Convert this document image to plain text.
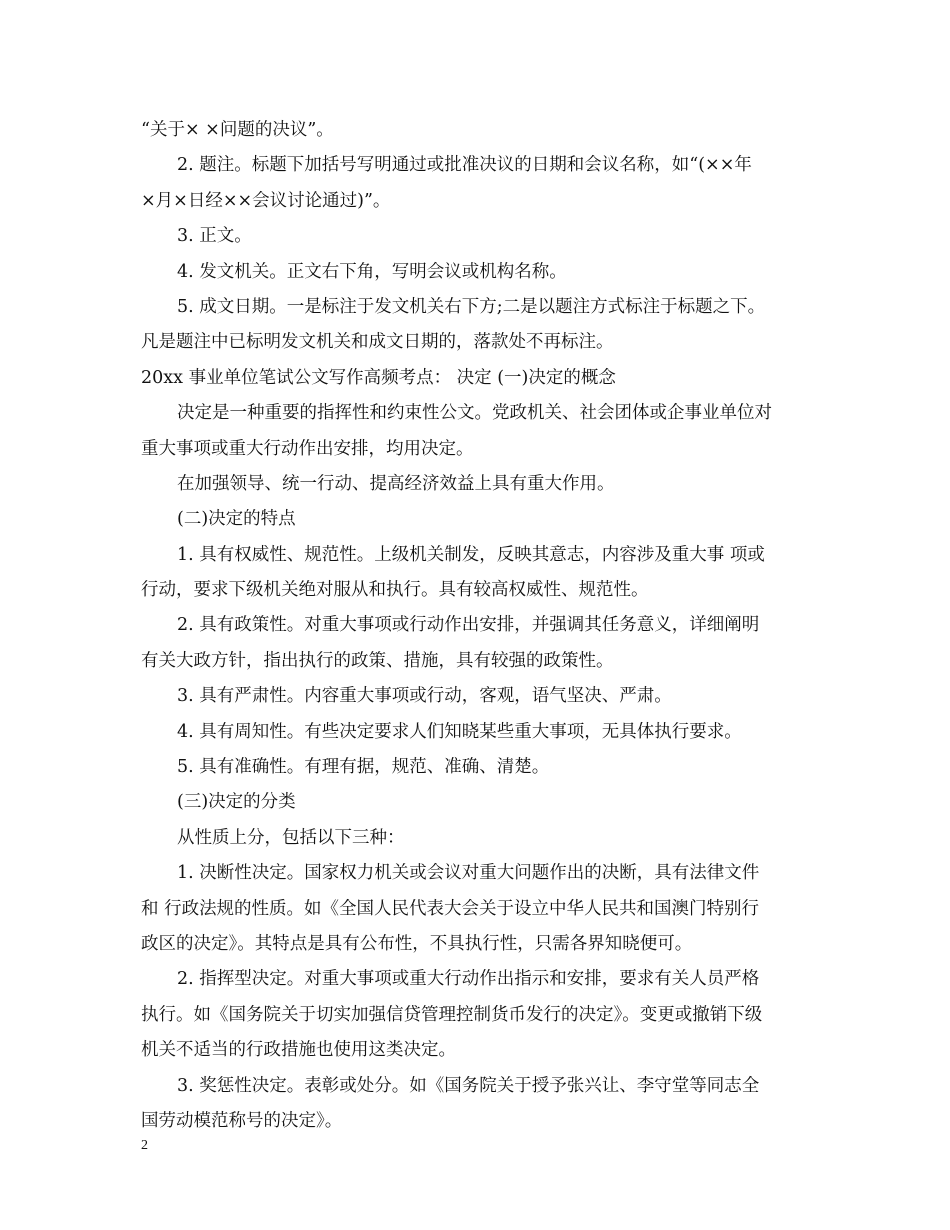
“关于× ×问题的决议”。
2. 题注。标题下加括号写明通过或批准决议的日期和会议名称，如“(××年
×月×日经××会议讨论通过)”。
3. 正文。
4. 发文机关。正文右下角，写明会议或机构名称。
5. 成文日期。一是标注于发文机关右下方;二是以题注方式标注于标题之下。
凡是题注中已标明发文机关和成文日期的，落款处不再标注。
20xx 事业单位笔试公文写作高频考点： 决定 (一)决定的概念
决定是一种重要的指挥性和约束性公文。党政机关、社会团体或企事业单位对
重大事项或重大行动作出安排，均用决定。
在加强领导、统一行动、提高经济效益上具有重大作用。
(二)决定的特点
1. 具有权威性、规范性。上级机关制发，反映其意志，内容涉及重大事 项或
行动，要求下级机关绝对服从和执行。具有较高权威性、规范性。
2. 具有政策性。对重大事项或行动作出安排，并强调其任务意义，详细阐明
有关大政方针，指出执行的政策、措施，具有较强的政策性。
3. 具有严肃性。内容重大事项或行动，客观，语气坚决、严肃。
4. 具有周知性。有些决定要求人们知晓某些重大事项，无具体执行要求。
5. 具有准确性。有理有据，规范、准确、清楚。
(三)决定的分类
从性质上分，包括以下三种：
1. 决断性决定。国家权力机关或会议对重大问题作出的决断，具有法律文件
和 行政法规的性质。如《全国人民代表大会关于设立中华人民共和国澳门特别行
政区的决定》。其特点是具有公布性，不具执行性，只需各界知晓便可。
2. 指挥型决定。对重大事项或重大行动作出指示和安排，要求有关人员严格
执行。如《国务院关于切实加强信贷管理控制货币发行的决定》。变更或撤销下级
机关不适当的行政措施也使用这类决定。
3. 奖惩性决定。表彰或处分。如《国务院关于授予张兴让、李守堂等同志全
国劳动模范称号的决定》。
2
